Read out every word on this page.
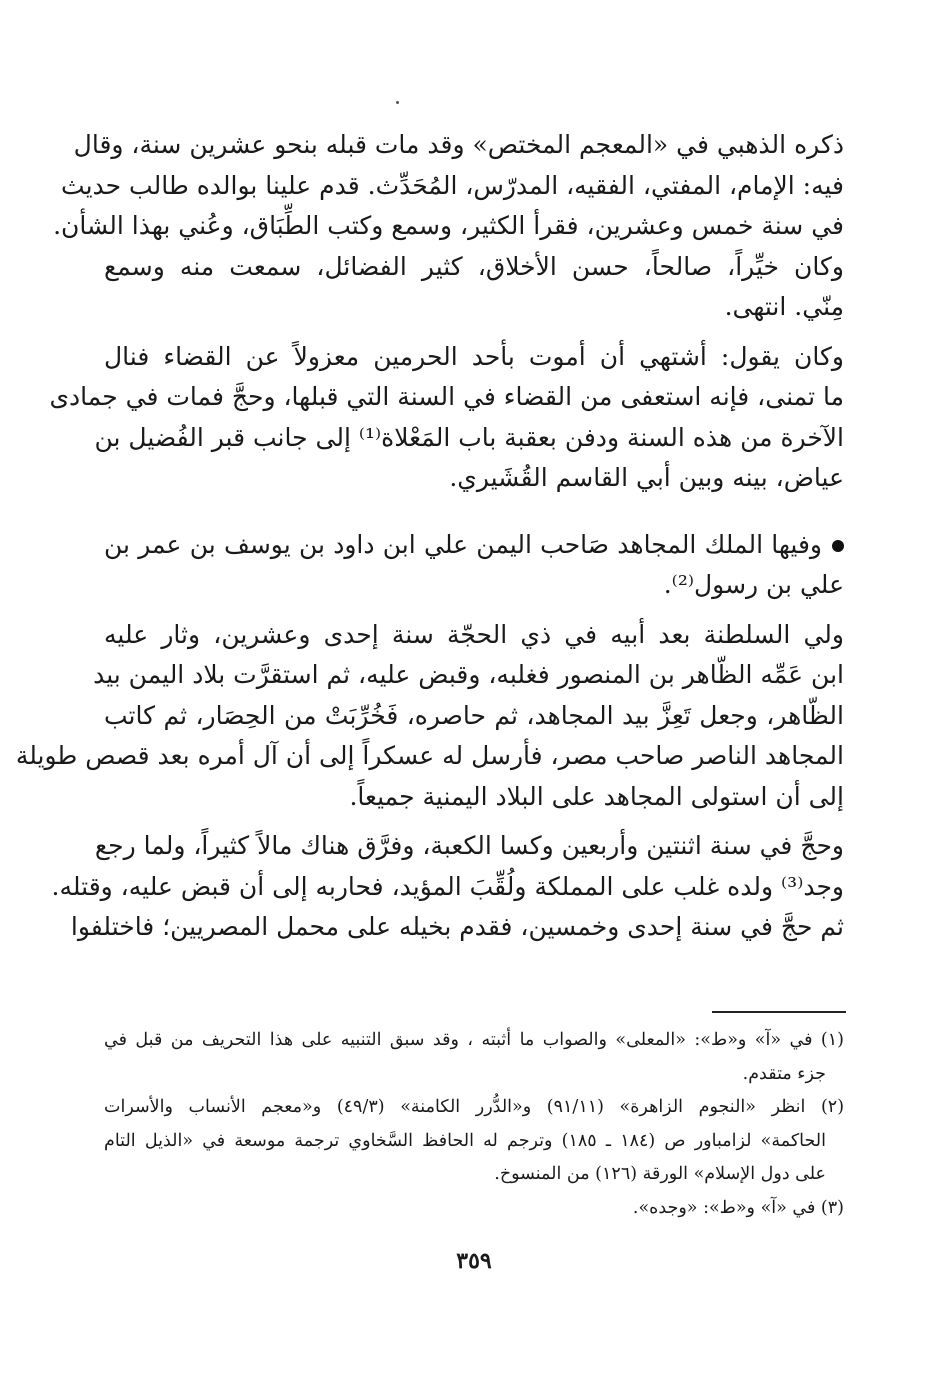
ذكره الذهبي في «المعجم المختص» وقد مات قبله بنحو عشرين سنة، وقال
فيه: الإمام، المفتي، الفقيه، المدرّس، المُحَدِّث. قدم علينا بوالده طالب حديث
في سنة خمس وعشرين، فقرأ الكثير، وسمع وكتب الطِّبَاق، وعُني بهذا الشأن.
وكان خيِّراً، صالحاً، حسن الأخلاق، كثير الفضائل، سمعت منه وسمع
مِنّي. انتهى.
وكان يقول: أشتهي أن أموت بأحد الحرمين معزولاً عن القضاء فنال
ما تمنى، فإنه استعفى من القضاء في السنة التي قبلها، وحجَّ فمات في جمادى
الآخرة من هذه السنة ودفن بعقبة باب المَعْلاة⁽¹⁾ إلى جانب قبر الفُضيل بن
عياض، بينه وبين أبي القاسم القُشَيري.
وفيها الملك المجاهد صَاحب اليمن علي ابن داود بن يوسف بن عمر بن
علي بن رسول⁽²⁾.
ولي السلطنة بعد أبيه في ذي الحجّة سنة إحدى وعشرين، وثار عليه
ابن عَمِّه الظّاهر بن المنصور فغلبه، وقبض عليه، ثم استقرَّت بلاد اليمن بيد
الظّاهر، وجعل تَعِزَّ بيد المجاهد، ثم حاصره، فَخُرِّبَتْ من الحِصَار، ثم كاتب
المجاهد الناصر صاحب مصر، فأرسل له عسكراً إلى أن آل أمره بعد قصص طويلة
إلى أن استولى المجاهد على البلاد اليمنية جميعاً.
وحجَّ في سنة اثنتين وأربعين وكسا الكعبة، وفرَّق هناك مالاً كثيراً، ولما رجع
وجد⁽³⁾ ولده غلب على المملكة ولُقِّبَ المؤيد، فحاربه إلى أن قبض عليه، وقتله.
ثم حجَّ في سنة إحدى وخمسين، فقدم بخيله على محمل المصريين؛ فاختلفوا
(١) في «آ» و«ط»: «المعلى» والصواب ما أثبته ، وقد سبق التنبيه على هذا التحريف من قبل في
جزء متقدم.
(٢) انظر «النجوم الزاهرة» (٩١/١١) و«الدُّرر الكامنة» (٤٩/٣) و«معجم الأنساب والأسرات
الحاكمة» لزامباور ص (١٨٤ ـ ١٨٥) وترجم له الحافظ السَّخاوي ترجمة موسعة في «الذيل التام
على دول الإسلام» الورقة (١٢٦) من المنسوخ.
(٣) في «آ» و«ط»: «وجده».
٣٥٩
